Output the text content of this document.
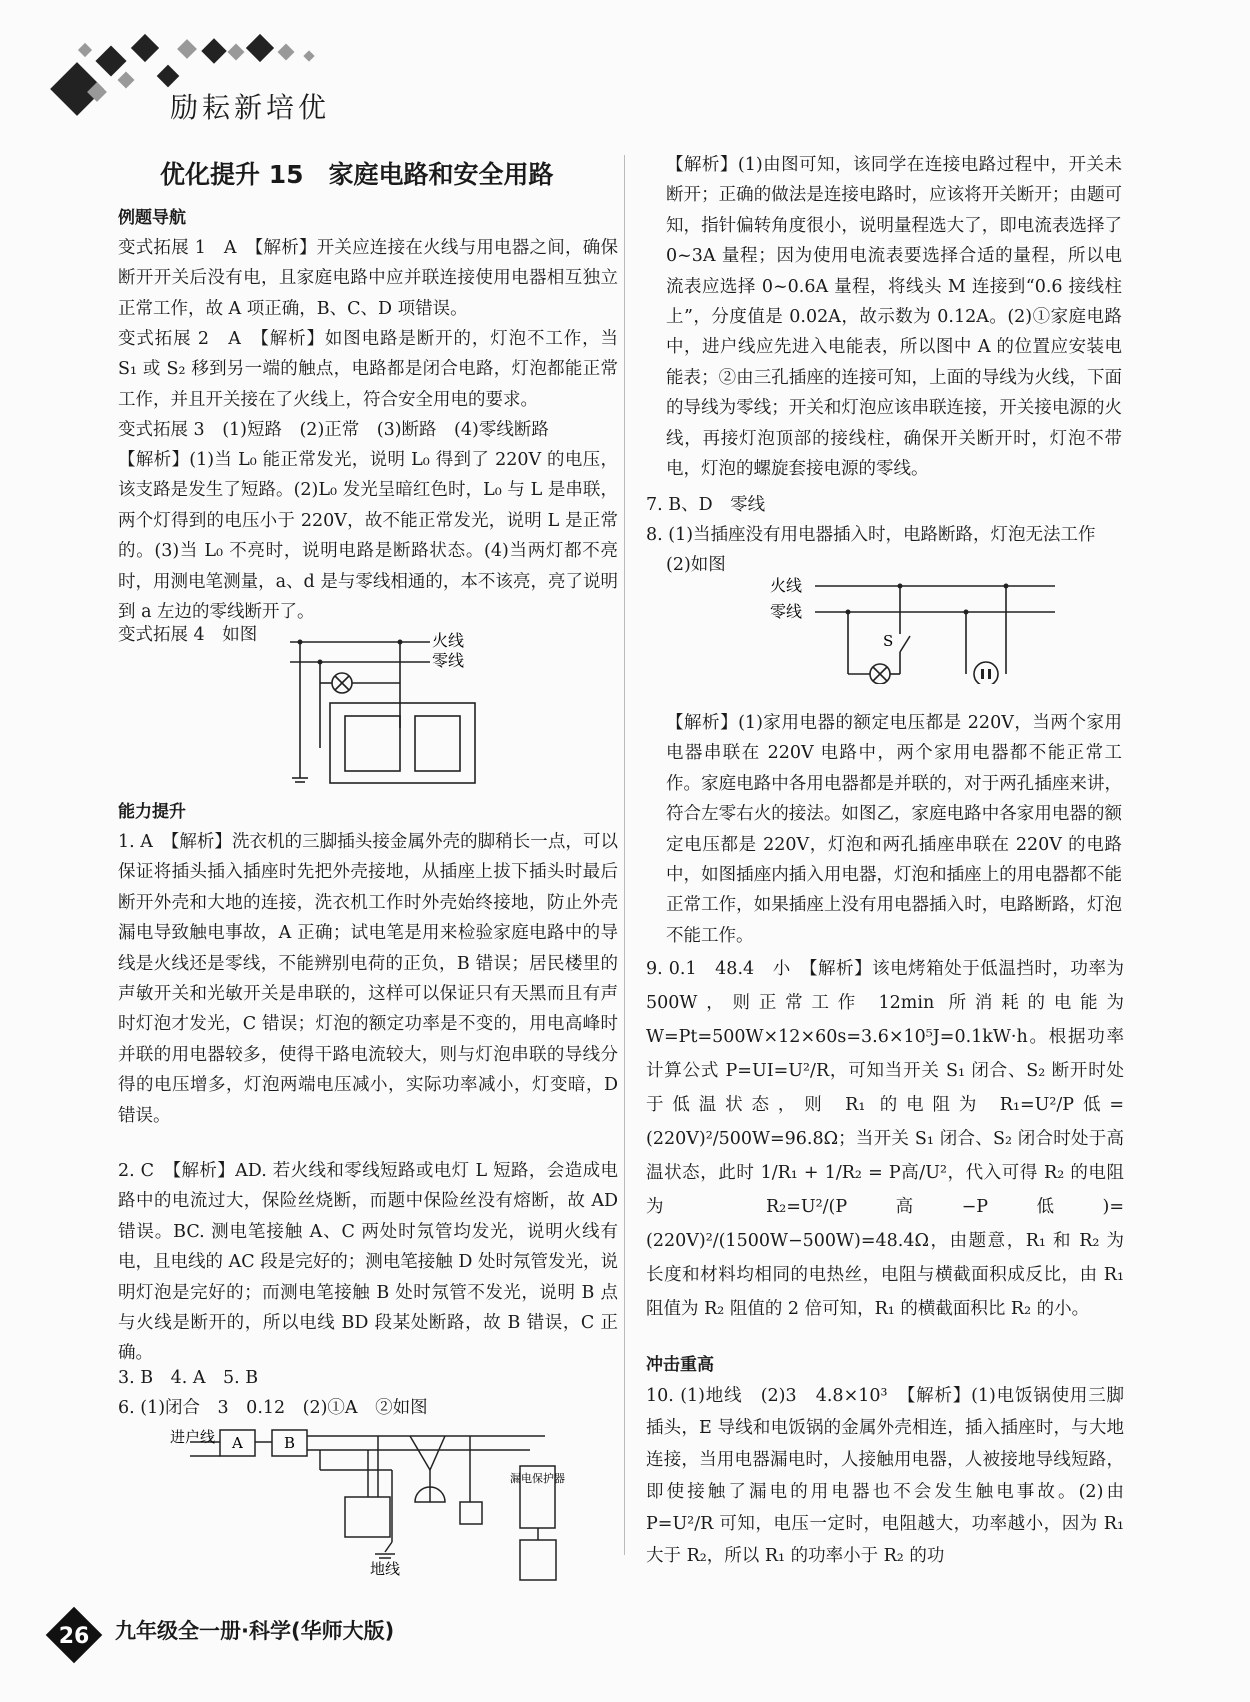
励耘新培优
优化提升 15　家庭电路和安全用路
例题导航

变式拓展 1　A　【解析】开关应连接在火线与用电器之间，确保断开开关后没有电，且家庭电路中应并联连接使用电器相互独立正常工作，故 A 项正确，B、C、D 项错误。

变式拓展 2　A　【解析】如图电路是断开的，灯泡不工作，当 S₁ 或 S₂ 移到另一端的触点，电路都是闭合电路，灯泡都能正常工作，并且开关接在了火线上，符合安全用电的要求。

变式拓展 3　(1)短路　(2)正常　(3)断路　(4)零线断路

【解析】(1)当 L₀ 能正常发光，说明 L₀ 得到了 220V 的电压，该支路是发生了短路。(2)L₀ 发光呈暗红色时，L₀ 与 L 是串联，两个灯得到的电压小于 220V，故不能正常发光，说明 L 是正常的。(3)当 L₀ 不亮时，说明电路是断路状态。(4)当两灯都不亮时，用测电笔测量，a、d 是与零线相通的，本不该亮，亮了说明到 a 左边的零线断开了。

变式拓展 4　如图	火线
零线
能力提升

1. A　【解析】洗衣机的三脚插头接金属外壳的脚稍长一点，可以保证将插头插入插座时先把外壳接地，从插座上拔下插头时最后断开外壳和大地的连接，洗衣机工作时外壳始终接地，防止外壳漏电导致触电事故，A 正确；试电笔是用来检验家庭电路中的导线是火线还是零线，不能辨别电荷的正负，B 错误；居民楼里的声敏开关和光敏开关是串联的，这样可以保证只有天黑而且有声时灯泡才发光，C 错误；灯泡的额定功率是不变的，用电高峰时并联的用电器较多，使得干路电流较大，则与灯泡串联的导线分得的电压增多，灯泡两端电压减小，实际功率减小，灯变暗，D 错误。

2. C　【解析】AD. 若火线和零线短路或电灯 L 短路，会造成电路中的电流过大，保险丝烧断，而题中保险丝没有熔断，故 AD 错误。BC. 测电笔接触 A、C 两处时氖管均发光，说明火线有电，且电线的 AC 段是完好的；测电笔接触 D 处时氖管发光，说明灯泡是完好的；而测电笔接触 B 处时氖管不发光，说明 B 点与火线是断开的，所以电线 BD 段某处断路，故 B 错误，C 正确。

3. B　4. A　5. B

6. (1)闭合　3　0.12　(2)①A　②如图

进户线 A	B
漏电保护器
地线

【解析】(1)由图可知，该同学在连接电路过程中，开关未断开；正确的做法是连接电路时，应该将开关断开；由题可知，指针偏转角度很小，说明量程选大了，即电流表选择了 0~3A 量程；因为使用电流表要选择合适的量程，所以电流表应选择 0~0.6A 量程，将线头 M 连接到“0.6 接线柱上”，分度值是 0.02A，故示数为 0.12A。(2)①家庭电路中，进户线应先进入电能表，所以图中 A 的位置应安装电能表；②由三孔插座的连接可知，上面的导线为火线，下面的导线为零线；开关和灯泡应该串联连接，开关接电源的火线，再接灯泡顶部的接线柱，确保开关断开时，灯泡不带电，灯泡的螺旋套接电源的零线。

7. B、D　零线

8. (1)当插座没有用电器插入时，电路断路，灯泡无法工作

(2)如图

火线
零线
S

【解析】(1)家用电器的额定电压都是 220V，当两个家用电器串联在 220V 电路中，两个家用电器都不能正常工作。家庭电路中各用电器都是并联的，对于两孔插座来讲，符合左零右火的接法。如图乙，家庭电路中各家用电器的额定电压都是 220V，灯泡和两孔插座串联在 220V 的电路中，如图插座内插入用电器，灯泡和插座上的用电器都不能正常工作，如果插座上没有用电器插入时，电路断路，灯泡不能工作。

9. 0.1　48.4　小　【解析】该电烤箱处于低温挡时，功率为 500W，则正常工作 12min 所消耗的电能为 W=Pt=500W×12×60s=3.6×10⁵J=0.1kW·h。根据功率计算公式 P=UI=U²/R，可知当开关 S₁ 闭合、S₂ 断开时处于低温状态，则 R₁ 的电阻为 R₁=U²/P低=(220V)²/500W=96.8Ω；当开关 S₁ 闭合、S₂ 闭合时处于高温状态，此时 1/R₁ + 1/R₂ = P高/U²，代入可得 R₂ 的电阻为 R₂=U²/(P高−P低)=(220V)²/(1500W−500W)=48.4Ω，由题意，R₁ 和 R₂ 为长度和材料均相同的电热丝，电阻与横截面积成反比，由 R₁ 阻值为 R₂ 阻值的 2 倍可知，R₁ 的横截面积比 R₂ 的小。

冲击重高

10. (1)地线　(2)3　4.8×10³　【解析】(1)电饭锅使用三脚插头，E 导线和电饭锅的金属外壳相连，插入插座时，与大地连接，当用电器漏电时，人接触用电器，人被接地导线短路，即使接触了漏电的用电器也不会发生触电事故。(2)由 P=U²/R 可知，电压一定时，电阻越大，功率越小，因为 R₁ 大于 R₂，所以 R₁ 的功率小于 R₂ 的功

26 九年级全一册·科学(华师大版)
